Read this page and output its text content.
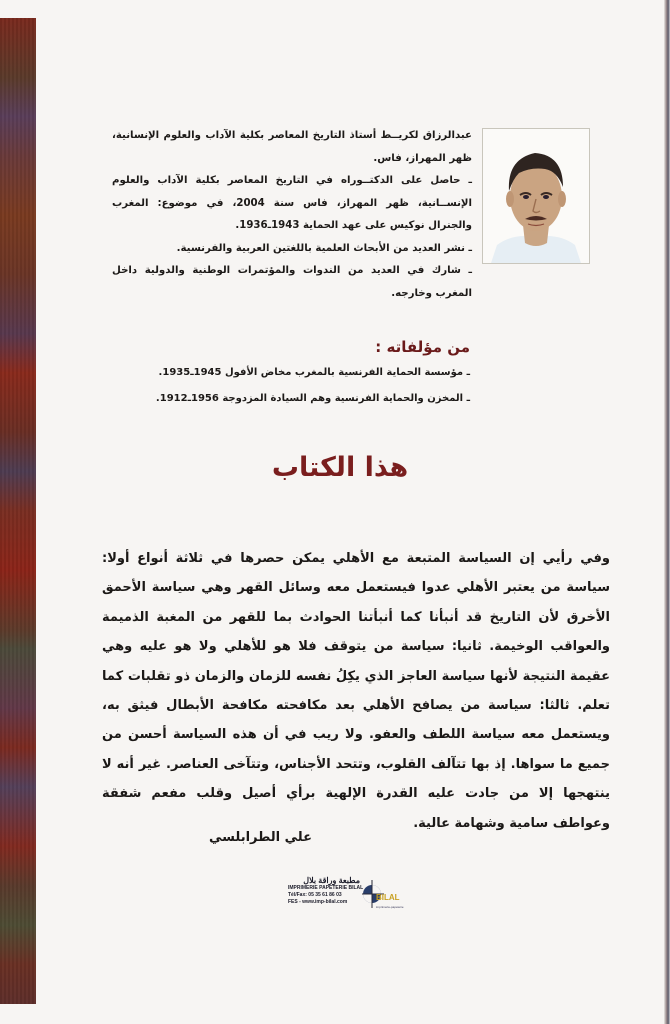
عبدالرزاق لكريــط أستاذ التاريخ المعاصر بكلية الآداب والعلوم الإنسانية، ظهر المهراز، فاس.

ـ حاصل على الدكتــوراه في التاريخ المعاصر بكلية الآداب والعلوم الإنســانية، ظهر المهراز، فاس سنة 2004، في موضوع: المغرب والجنرال نوكيس على عهد الحماية 1943ـ1936.

ـ نشر العديد من الأبحاث العلمية باللغتين العربية والفرنسية.

ـ شارك في العديد من الندوات والمؤتمرات الوطنية والدولية داخل المغرب وخارجه.

من مؤلفاته :

ـ مؤسسة الحماية الفرنسية بالمغرب مخاض الأفول 1945ـ1935.

ـ المخزن والحماية الفرنسية وهم السيادة المزدوجة 1956ـ1912.

هذا الكتاب

وفي رأيي إن السياسة المتبعة مع الأهلي يمكن حصرها في ثلاثة أنواع أولا: سياسة من يعتبر الأهلي عدوا فيستعمل معه وسائل القهر وهي سياسة الأحمق الأخرق لأن التاريخ قد أنبأنا كما أنبأتنا الحوادث بما للقهر من المغبة الذميمة والعواقب الوخيمة. ثانيا: سياسة من يتوقف فلا هو للأهلي ولا هو عليه وهي عقيمة النتيجة لأنها سياسة العاجز الذي يكِلُ نفسه للزمان والزمان ذو تقلبات كما تعلم. ثالثا: سياسة من يصافح الأهلي بعد مكافحته مكافحة الأبطال فيثق به، ويستعمل معه سياسة اللطف والعفو. ولا ريب في أن هذه السياسة أحسن من جميع ما سواها. إذ بها تتآلف القلوب، وتتحد الأجناس، وتتآخى العناصر. غير أنه لا ينتهجها إلا من جادت عليه القدرة الإلهية برأي أصيل وقلب مفعم شفقة وعواطف سامية وشهامة عالية.

علي الطرابلسي
مطبعة وراقة بلال
IMPRIMERIE PAPETERIE BILAL
Tél/Fax: 05 35 61 86 03
FES - www.imp-bilal.com	BILAL
imprimerie-papeterie
